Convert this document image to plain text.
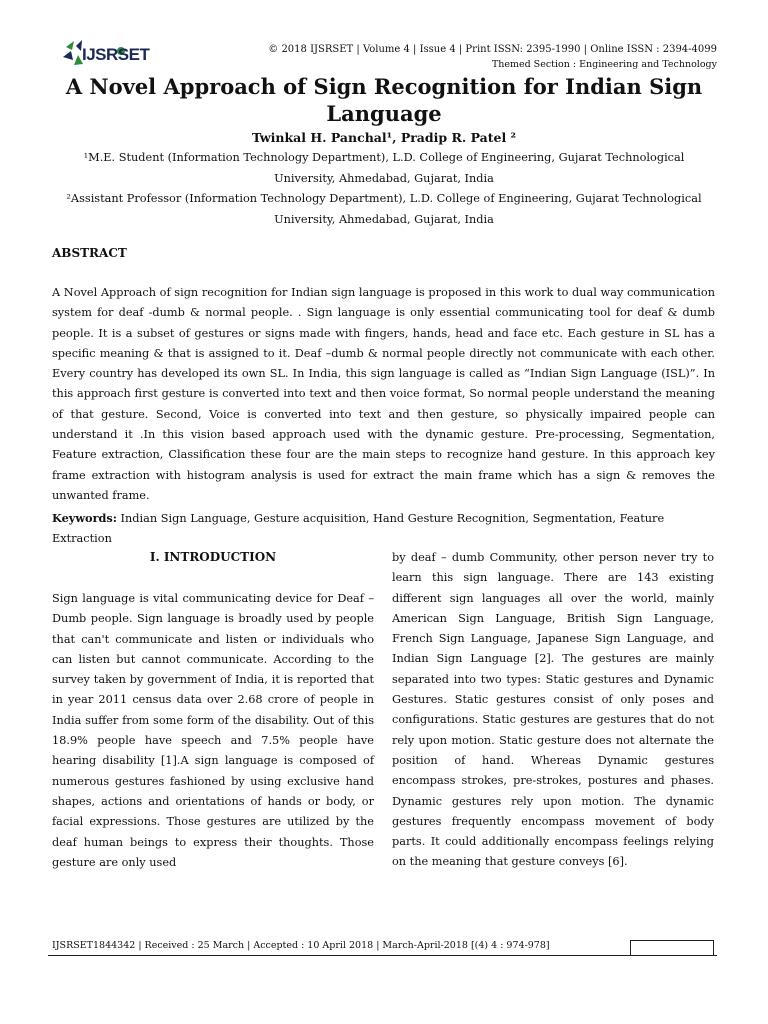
IJSRSET	© 2018 IJSRSET | Volume 4 | Issue 4 | Print ISSN: 2395-1990 | Online ISSN : 2394-4099
Themed Section : Engineering and Technology
A Novel Approach of Sign Recognition for Indian Sign Language
Twinkal H. Panchal¹, Pradip R. Patel ²
¹M.E. Student (Information Technology Department), L.D. College of Engineering, Gujarat Technological University, Ahmedabad, Gujarat, India
²Assistant Professor (Information Technology Department), L.D. College of Engineering, Gujarat Technological University, Ahmedabad, Gujarat, India
ABSTRACT

A Novel Approach of sign recognition for Indian sign language is proposed in this work to dual way communication system for deaf -dumb & normal people. . Sign language is only essential communicating tool for deaf & dumb people. It is a subset of gestures or signs made with fingers, hands, head and face etc. Each gesture in SL has a specific meaning & that is assigned to it. Deaf –dumb & normal people directly not communicate with each other. Every country has developed its own SL. In India, this sign language is called as “Indian Sign Language (ISL)”. In this approach first gesture is converted into text and then voice format, So normal people understand the meaning of that gesture. Second, Voice is converted into text and then gesture, so physically impaired people can understand it .In this vision based approach used with the dynamic gesture. Pre-processing, Segmentation, Feature extraction, Classification these four are the main steps to recognize hand gesture. In this approach key frame extraction with histogram analysis is used for extract the main frame which has a sign & removes the unwanted frame.

Keywords: Indian Sign Language, Gesture acquisition, Hand Gesture Recognition, Segmentation, Feature Extraction

I. INTRODUCTION

Sign language is vital communicating device for Deaf –Dumb people. Sign language is broadly used by people that can't communicate and listen or individuals who can listen but cannot communicate. According to the survey taken by government of India, it is reported that in year 2011 census data over 2.68 crore of people in India suffer from some form of the disability. Out of this 18.9% people have speech and 7.5% people have hearing disability [1].A sign language is composed of numerous gestures fashioned by using exclusive hand shapes, actions and orientations of hands or body, or facial expressions. Those gestures are utilized by the deaf human beings to express their thoughts. Those gesture are only used

by deaf – dumb Community, other person never try to learn this sign language. There are 143 existing different sign languages all over the world, mainly American Sign Language, British Sign Language, French Sign Language, Japanese Sign Language, and Indian Sign Language [2]. The gestures are mainly separated into two types: Static gestures and Dynamic Gestures. Static gestures consist of only poses and configurations. Static gestures are gestures that do not rely upon motion. Static gesture does not alternate the position of hand. Whereas Dynamic gestures encompass strokes, pre-strokes, postures and phases. Dynamic gestures rely upon motion. The dynamic gestures frequently encompass movement of body parts. It could additionally encompass feelings relying on the meaning that gesture conveys [6].

IJSRSET1844342 | Received : 25 March | Accepted : 10 April 2018 | March-April-2018 [(4) 4 : 974-978]
